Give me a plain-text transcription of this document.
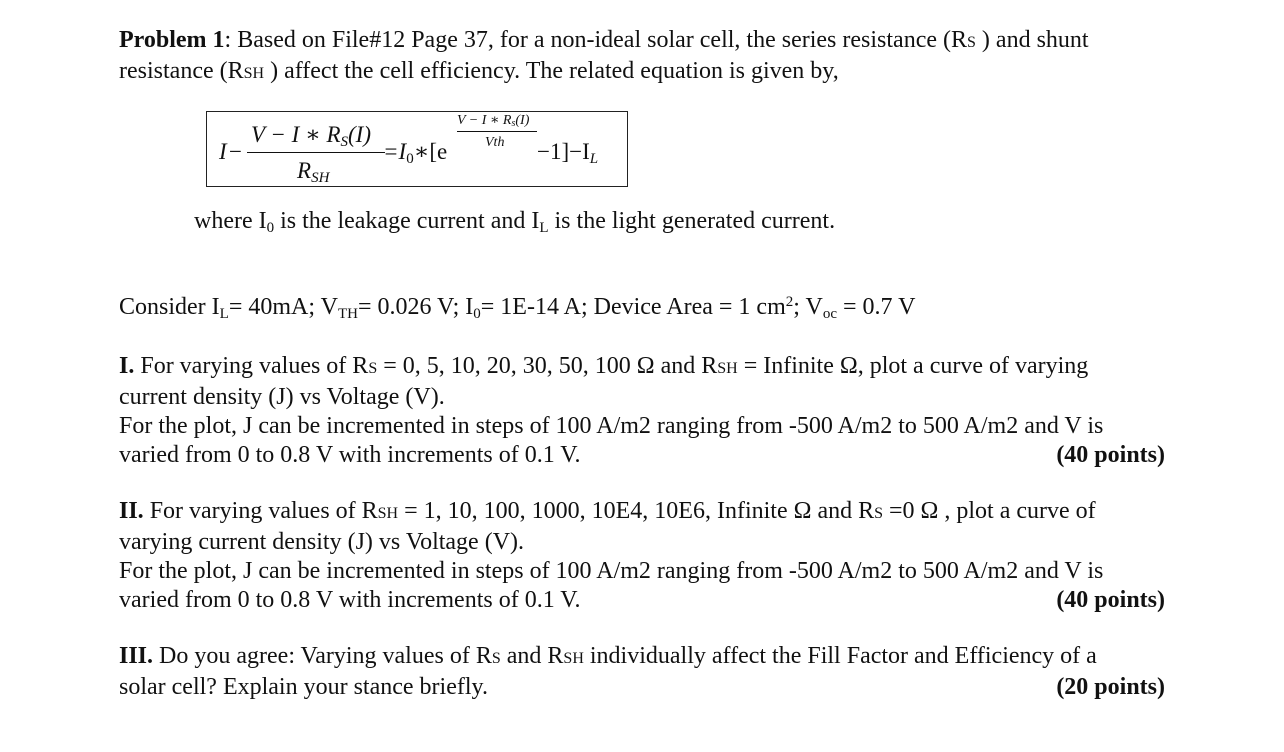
Problem 1: Based on File#12 Page 37, for a non-ideal solar cell, the series resistance (RS ) and shunt
resistance (RSH ) affect the cell efficiency. The related equation is given by,
I −
V − I ∗ $R_S(I)$
$R_{SH}$
$=I_0∗[e$
V − I ∗ $R_s(I)$
Vth $-1]-I_L$
where $I_0$ is the leakage current and $I_L$ is the light generated current.
Consider $I_L= 40mA$; $V_{TH}= 0.026$ V; $I_0= 1E-14$ A; Device Area = 1 $cm^2$; $V_{oc} = 0.7$ V
I. For varying values of RS = 0, 5, 10, 20, 30, 50, 100 Ω and RSH = Infinite Ω, plot a curve of varying
current density (J) vs Voltage (V).
For the plot, J can be incremented in steps of 100 A/m2 ranging from -500 A/m2 to 500 A/m2 and V is
varied from 0 to 0.8 V with increments of 0.1 V.	(40 points)
II. For varying values of RSH = 1, 10, 100, 1000, 10E4, 10E6, Infinite Ω and RS =0 Ω , plot a curve of
varying current density (J) vs Voltage (V).
For the plot, J can be incremented in steps of 100 A/m2 ranging from -500 A/m2 to 500 A/m2 and V is
varied from 0 to 0.8 V with increments of 0.1 V.	(40 points)
III. Do you agree: Varying values of RS and RSH individually affect the Fill Factor and Efficiency of a
solar cell? Explain your stance briefly.	(20 points)
